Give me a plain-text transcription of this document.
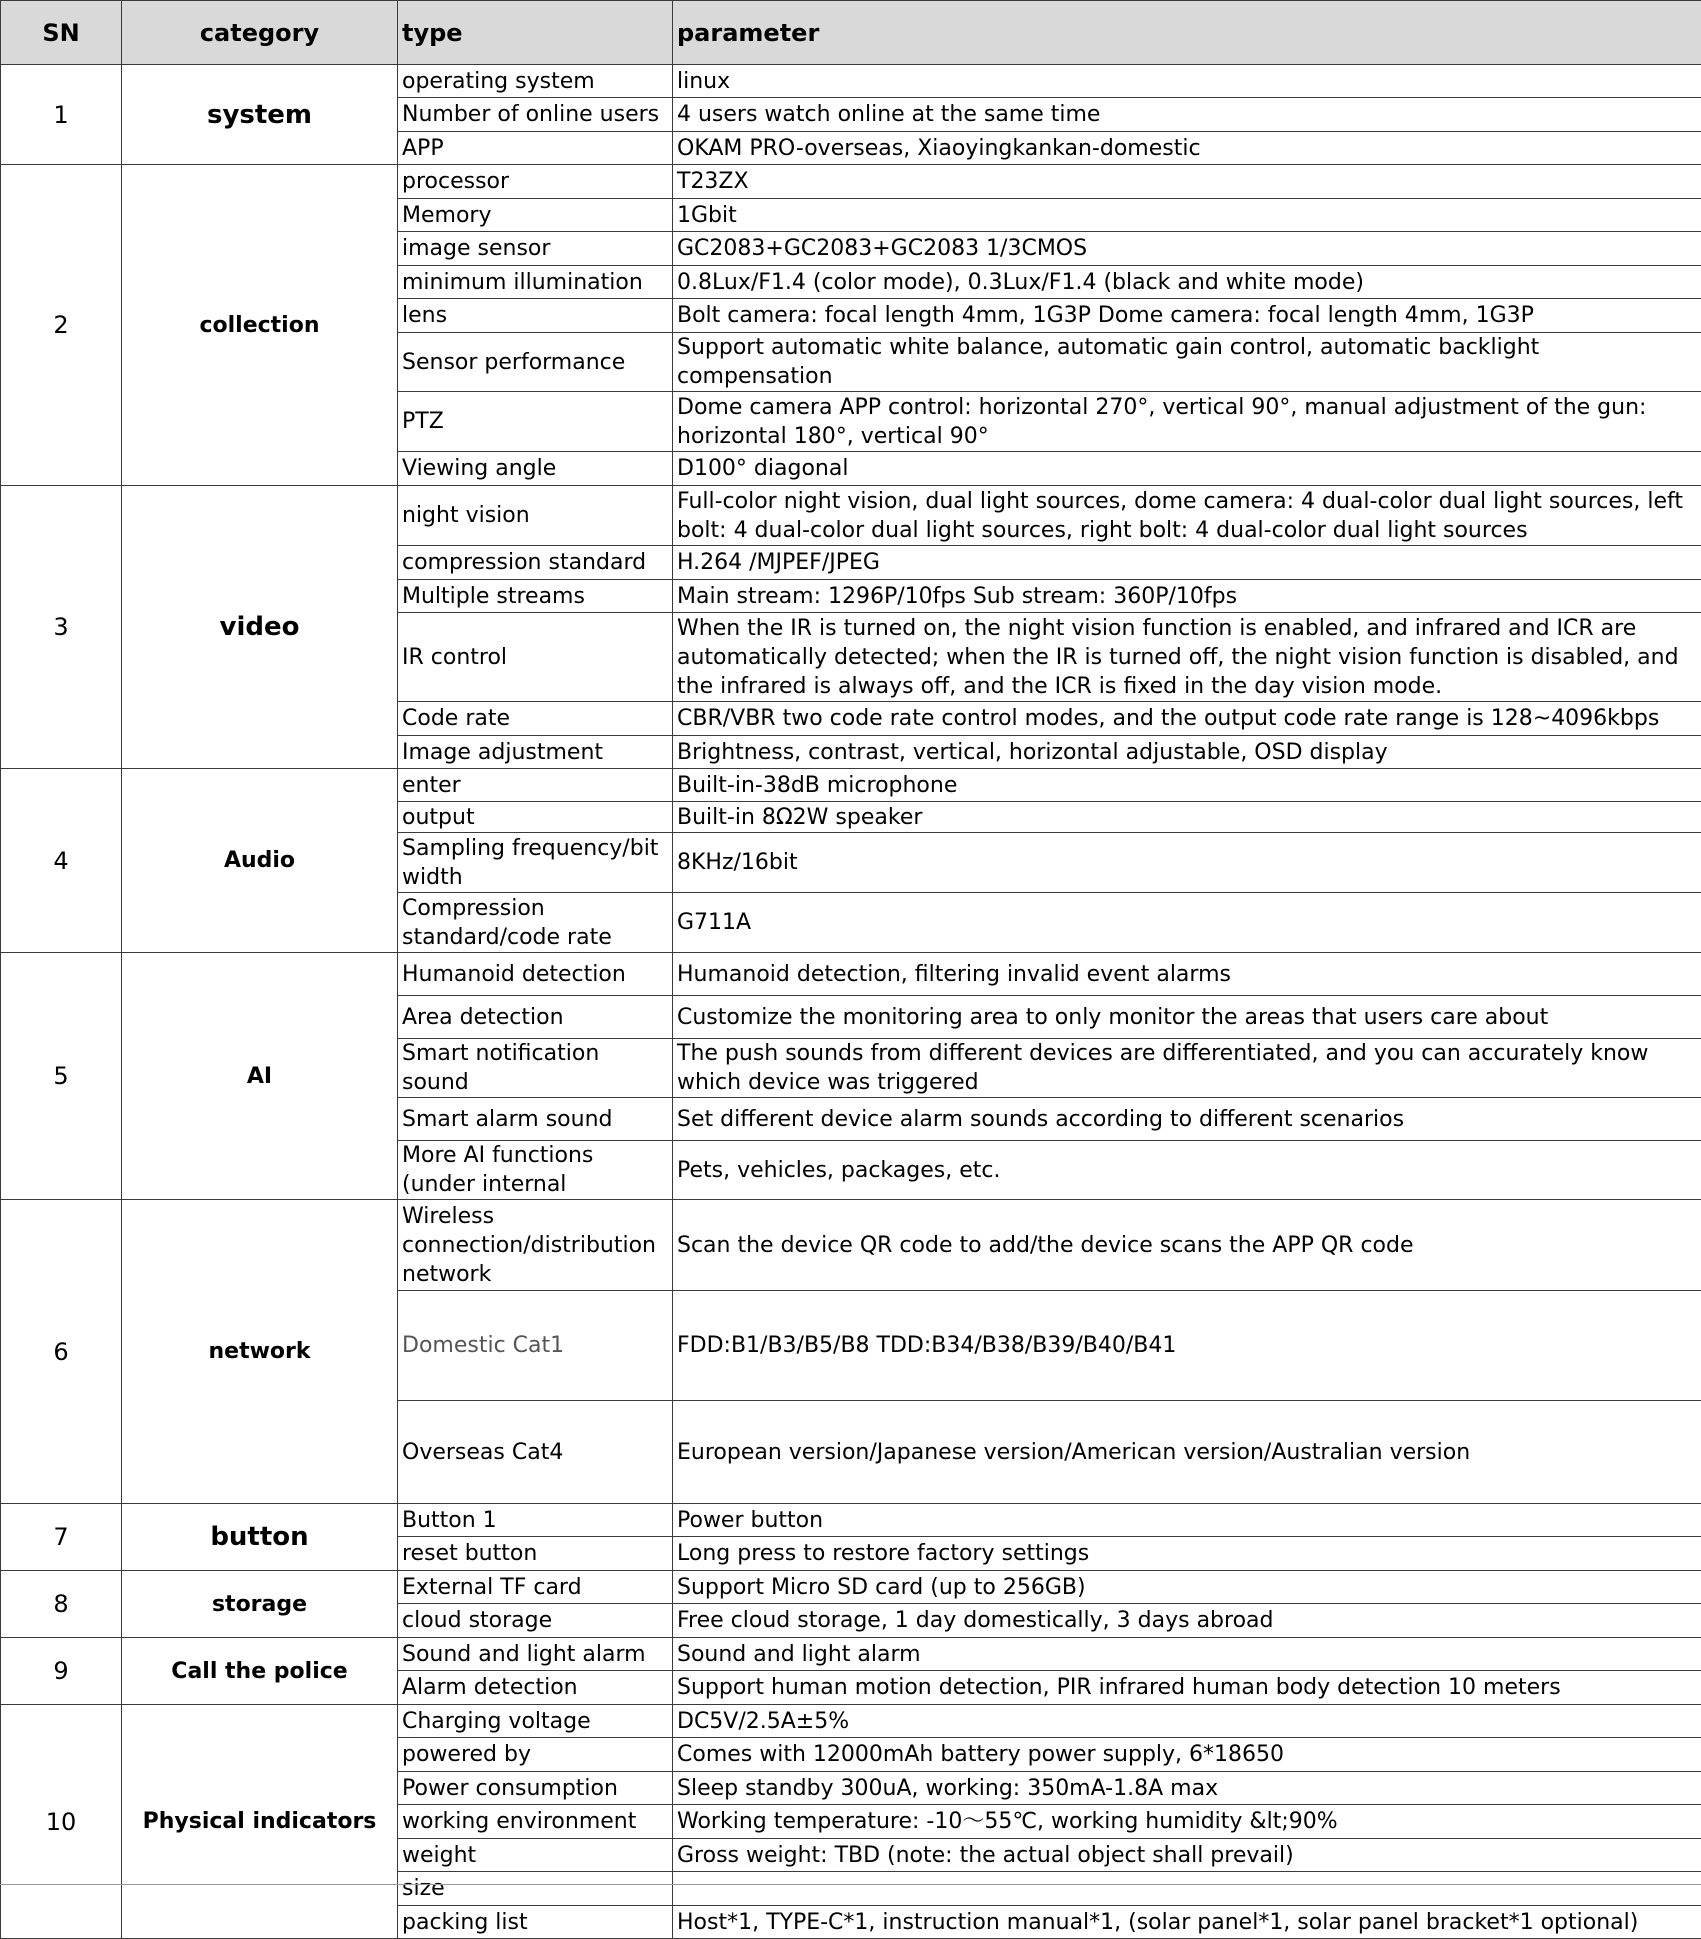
SN	category	type	parameter
1	system	operating system	linux
		Number of online users	4 users watch online at the same time
		APP	OKAM PRO-overseas, Xiaoyingkankan-domestic
2	collection	processor	T23ZX
		Memory	1Gbit
		image sensor	GC2083+GC2083+GC2083 1/3CMOS
		minimum illumination	0.8Lux/F1.4 (color mode), 0.3Lux/F1.4 (black and white mode)
		lens	Bolt camera: focal length 4mm, 1G3P Dome camera: focal length 4mm, 1G3P
		Sensor performance	Support automatic white balance, automatic gain control, automatic backlight compensation
		PTZ	Dome camera APP control: horizontal 270°, vertical 90°, manual adjustment of the gun: horizontal 180°, vertical 90°
		Viewing angle	D100° diagonal
3	video	night vision	Full-color night vision, dual light sources, dome camera: 4 dual-color dual light sources, left bolt: 4 dual-color dual light sources, right bolt: 4 dual-color dual light sources
		compression standard	H.264 /MJPEF/JPEG
		Multiple streams	Main stream: 1296P/10fps Sub stream: 360P/10fps
		IR control	When the IR is turned on, the night vision function is enabled, and infrared and ICR are automatically detected; when the IR is turned off, the night vision function is disabled, and the infrared is always off, and the ICR is fixed in the day vision mode.
		Code rate	CBR/VBR two code rate control modes, and the output code rate range is 128~4096kbps
		Image adjustment	Brightness, contrast, vertical, horizontal adjustable, OSD display
4	Audio	enter	Built-in-38dB microphone
		output	Built-in 8Ω2W speaker
		Sampling frequency/bit width	8KHz/16bit
		Compression standard/code rate	G711A
5	AI	Humanoid detection	Humanoid detection, filtering invalid event alarms
		Area detection	Customize the monitoring area to only monitor the areas that users care about
		Smart notification sound	The push sounds from different devices are differentiated, and you can accurately know which device was triggered
		Smart alarm sound	Set different device alarm sounds according to different scenarios
		More AI functions (under internal	Pets, vehicles, packages, etc.
6	network	Wireless connection/distribution network	Scan the device QR code to add/the device scans the APP QR code
		Domestic Cat1	FDD:B1/B3/B5/B8 TDD:B34/B38/B39/B40/B41
		Overseas Cat4	European version/Japanese version/American version/Australian version
7	button	Button 1	Power button
		reset button	Long press to restore factory settings
8	storage	External TF card	Support Micro SD card (up to 256GB)
		cloud storage	Free cloud storage, 1 day domestically, 3 days abroad
9	Call the police	Sound and light alarm	Sound and light alarm
		Alarm detection	Support human motion detection, PIR infrared human body detection 10 meters
10	Physical indicators	Charging voltage	DC5V/2.5A±5%
		powered by	Comes with 12000mAh battery power supply, 6*18650
		Power consumption	Sleep standby 300uA, working: 350mA-1.8A max
		working environment	Working temperature: -10～55℃, working humidity &lt;90%
		weight	Gross weight: TBD (note: the actual object shall prevail)
		size	
		packing list	Host*1, TYPE-C*1, instruction manual*1, (solar panel*1, solar panel bracket*1 optional)
